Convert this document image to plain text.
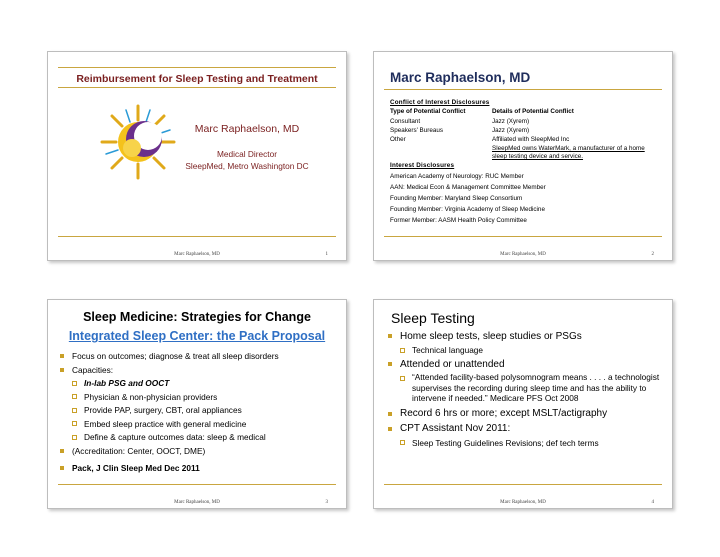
Reimbursement for Sleep Testing and Treatment
Marc Raphaelson, MD
Medical Director
SleepMed, Metro Washington DC
Marc Raphaelson, MD	1
Marc Raphaelson, MD
Conflict of Interest Disclosures
Type of Potential Conflict	Details of Potential Conflict
Consultant	Jazz (Xyrem)
Speakers' Bureaus	Jazz (Xyrem)
Other	Affiliated with SleepMed Inc
SleepMed owns WaterMark, a manufacturer of a home sleep testing device and service.
Interest Disclosures
American Academy of Neurology: RUC Member
AAN: Medical Econ & Management Committee Member
Founding Member: Maryland Sleep Consortium
Founding Member: Virginia Academy of Sleep Medicine
Former Member: AASM Health Policy Committee
Marc Raphaelson, MD	2
Sleep Medicine: Strategies for Change
Integrated Sleep Center: the Pack Proposal
Focus on outcomes; diagnose & treat all sleep disorders
Capacities:
In-lab PSG and OOCT
Physician & non-physician providers
Provide PAP, surgery, CBT, oral appliances
Embed sleep practice with general medicine
Define & capture outcomes data: sleep & medical
(Accreditation: Center, OOCT, DME)
Pack, J Clin Sleep Med Dec 2011
Marc Raphaelson, MD	3
Sleep Testing
Home sleep tests, sleep studies or PSGs
Technical language
Attended or unattended
“Attended facility-based polysomnogram means . . . . a technologist supervises the recording during sleep time and has the ability to intervene if needed.” Medicare PFS Oct 2008
Record 6 hrs or more; except MSLT/actigraphy
CPT Assistant Nov 2011:
Sleep Testing Guidelines Revisions; def tech terms
Marc Raphaelson, MD	4
